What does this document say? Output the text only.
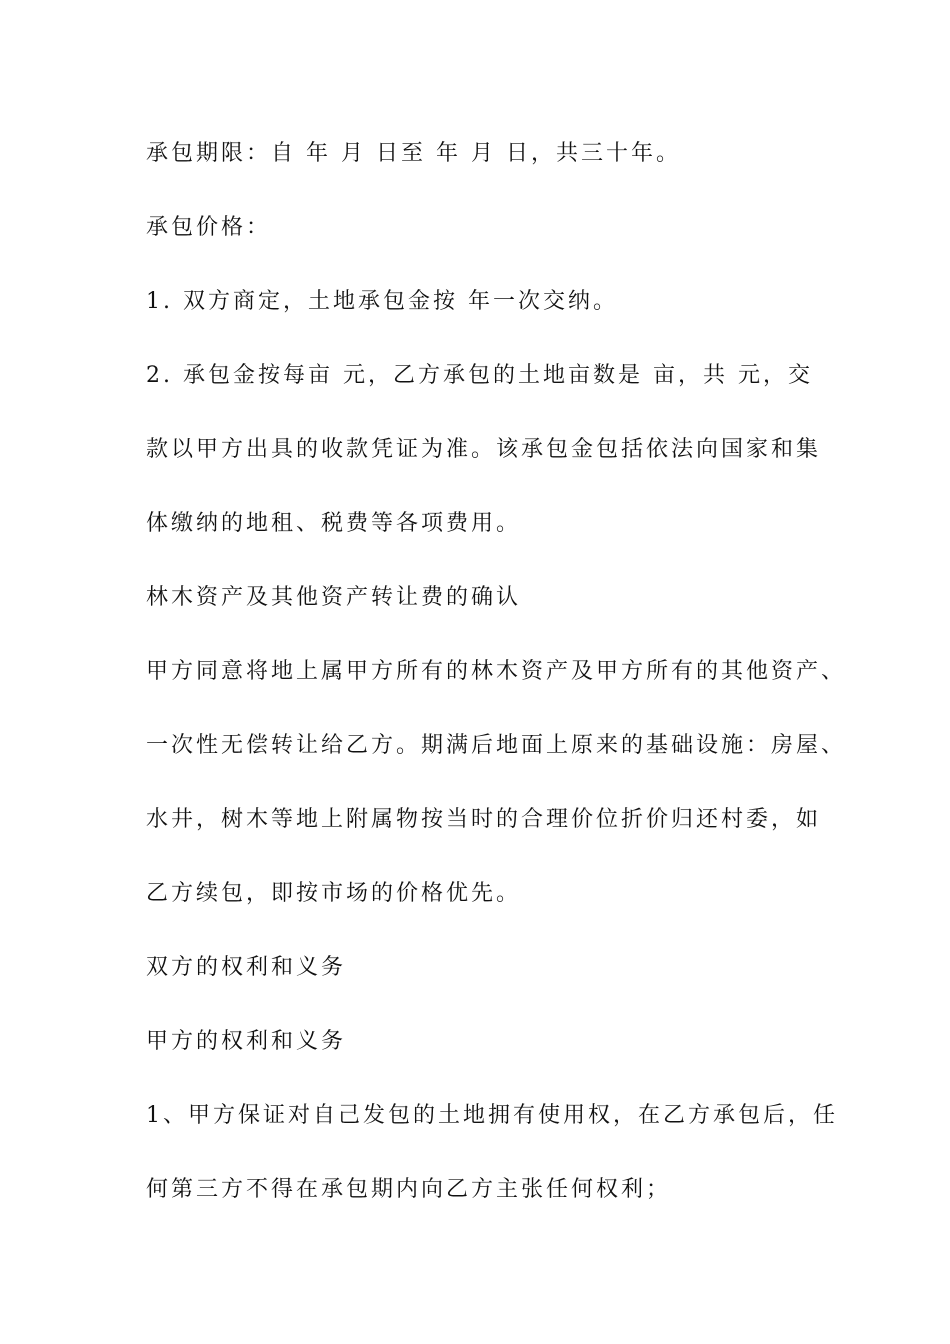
承包期限：自 年 月 日至 年 月 日，共三十年。
承包价格：
1. 双方商定，土地承包金按 年一次交纳。
2. 承包金按每亩 元，乙方承包的土地亩数是 亩，共 元，交
款以甲方出具的收款凭证为准。该承包金包括依法向国家和集
体缴纳的地租、税费等各项费用。
林木资产及其他资产转让费的确认
甲方同意将地上属甲方所有的林木资产及甲方所有的其他资产、
一次性无偿转让给乙方。期满后地面上原来的基础设施：房屋、
水井，树木等地上附属物按当时的合理价位折价归还村委，如
乙方续包，即按市场的价格优先。
双方的权利和义务
甲方的权利和义务
1、甲方保证对自己发包的土地拥有使用权，在乙方承包后，任
何第三方不得在承包期内向乙方主张任何权利；
